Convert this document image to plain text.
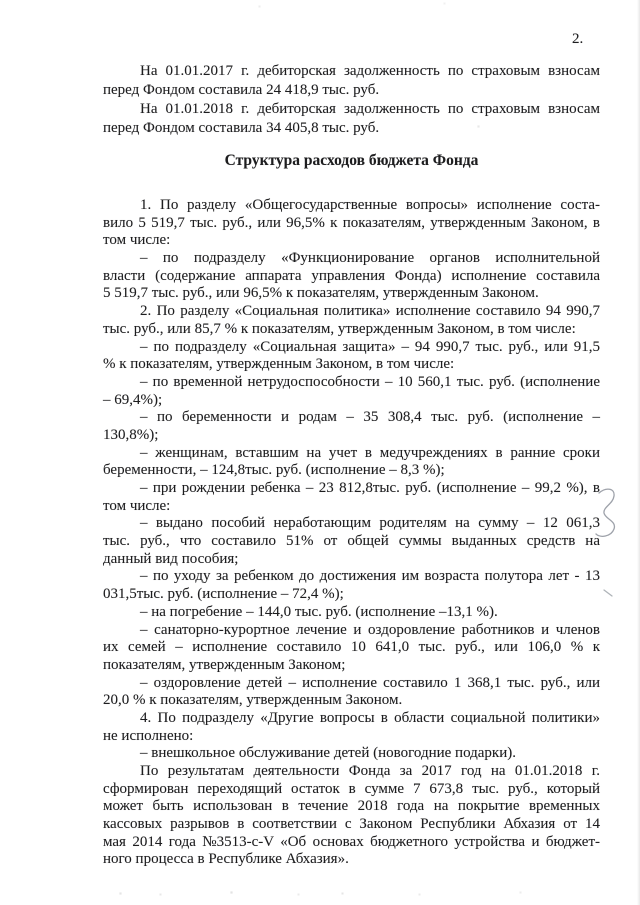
2.
На 01.01.2017 г. дебиторская задолженность по страховым взносам
перед Фондом составила 24 418,9 тыс. руб.
На 01.01.2018 г. дебиторская задолженность по страховым взносам
перед Фондом составила 34 405,8 тыс. руб.
Структура расходов бюджета Фонда
1. По разделу «Общегосударственные вопросы» исполнение соста-
вило 5 519,7 тыс. руб., или 96,5% к показателям, утвержденным Законом, в
том числе:
– по подразделу «Функционирование органов исполнительной
власти (содержание аппарата управления Фонда) исполнение составила
5 519,7 тыс. руб., или 96,5% к показателям, утвержденным Законом.
2. По разделу «Социальная политика» исполнение составило 94 990,7
тыс. руб., или 85,7 % к показателям, утвержденным Законом, в том числе:
– по подразделу «Социальная защита» – 94 990,7 тыс. руб., или 91,5
% к показателям, утвержденным Законом, в том числе:
– по временной нетрудоспособности – 10 560,1 тыс. руб. (исполнение
– 69,4%);
– по беременности и родам – 35 308,4 тыс. руб. (исполнение –
130,8%);
– женщинам, вставшим на учет в медучреждениях в ранние сроки
беременности, – 124,8тыс. руб. (исполнение – 8,3 %);
– при рождении ребенка – 23 812,8тыс. руб. (исполнение – 99,2 %), в
том числе:
– выдано пособий неработающим родителям на сумму – 12 061,3
тыс. руб., что составило 51% от общей суммы выданных средств на
данный вид пособия;
– по уходу за ребенком до достижения им возраста полутора лет - 13
031,5тыс. руб. (исполнение – 72,4 %);
– на погребение – 144,0 тыс. руб. (исполнение –13,1 %).
– санаторно-курортное лечение и оздоровление работников и членов
их семей – исполнение составило 10 641,0 тыс. руб., или 106,0 % к
показателям, утвержденным Законом;
– оздоровление детей – исполнение составило 1 368,1 тыс. руб., или
20,0 % к показателям, утвержденным Законом.
4. По подразделу «Другие вопросы в области социальной политики»
не исполнено:
– внешкольное обслуживание детей (новогодние подарки).
По результатам деятельности Фонда за 2017 год на 01.01.2018 г.
сформирован переходящий остаток в сумме 7 673,8 тыс. руб., который
может быть использован в течение 2018 года на покрытие временных
кассовых разрывов в соответствии с Законом Республики Абхазия от 14
мая 2014 года №3513-с-V «Об основах бюджетного устройства и бюджет-
ного процесса в Республике Абхазия».
